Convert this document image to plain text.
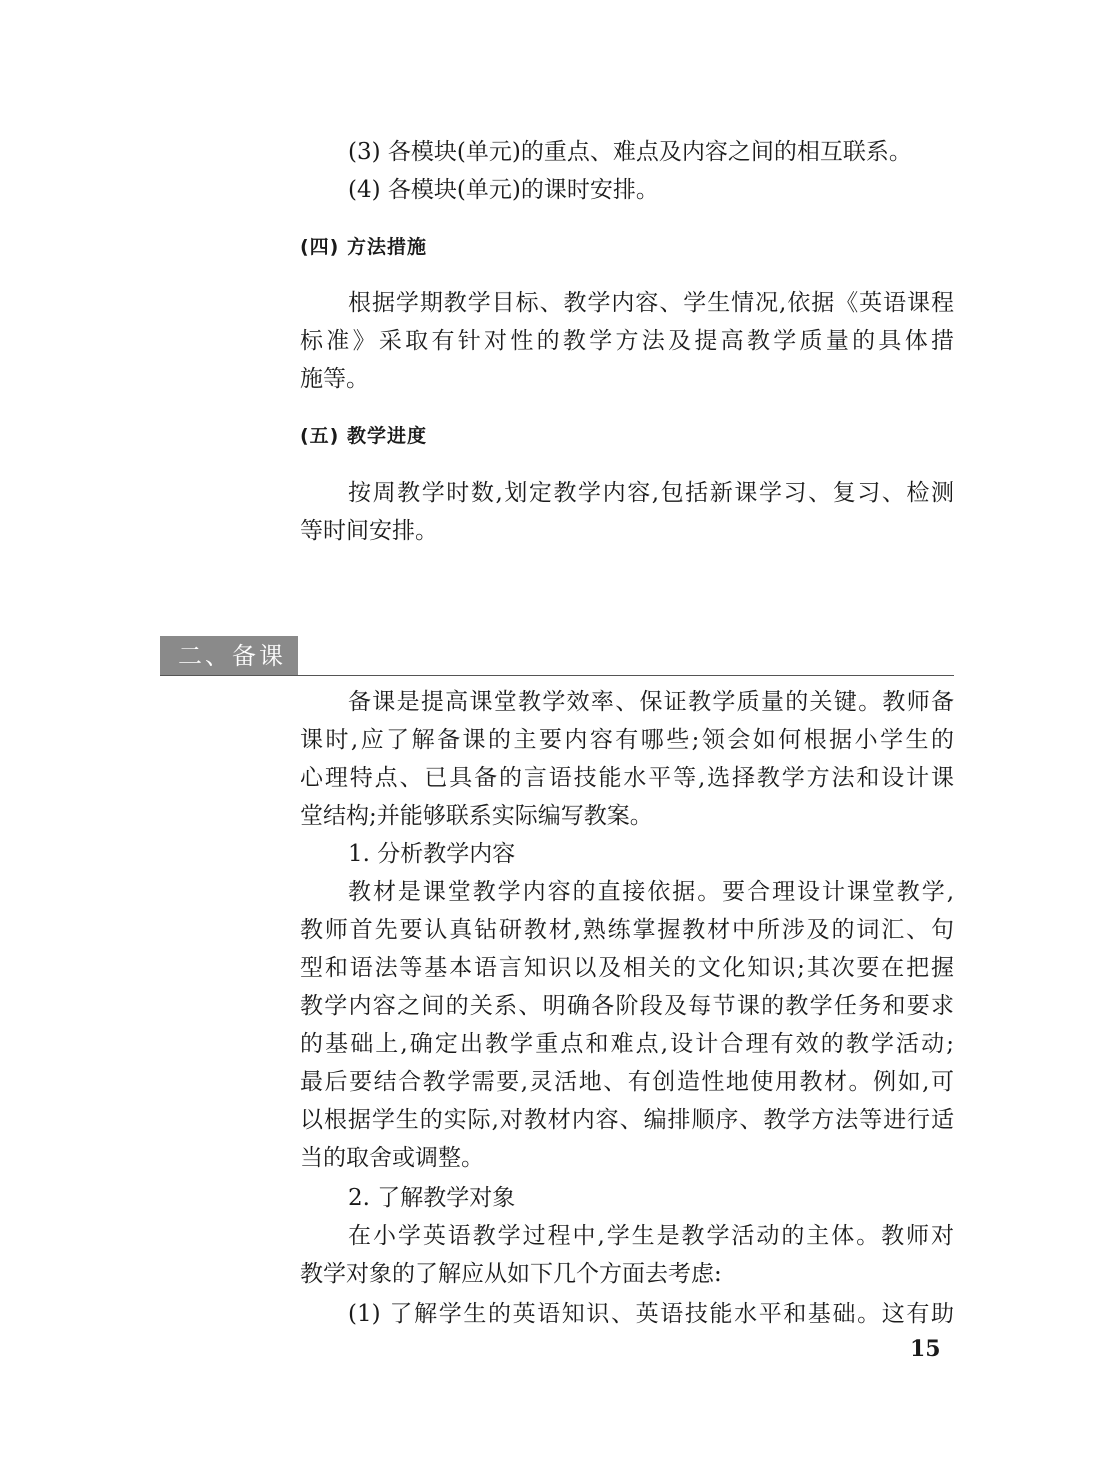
(3) 各模块(单元)的重点、难点及内容之间的相互联系。
(4) 各模块(单元)的课时安排。
(四) 方法措施
根据学期教学目标、教学内容、学生情况,依据《英语课程
标准》采取有针对性的教学方法及提高教学质量的具体措
施等。
(五) 教学进度
按周教学时数,划定教学内容,包括新课学习、复习、检测
等时间安排。
二、备课
备课是提高课堂教学效率、保证教学质量的关键。教师备
课时,应了解备课的主要内容有哪些;领会如何根据小学生的
心理特点、已具备的言语技能水平等,选择教学方法和设计课
堂结构;并能够联系实际编写教案。
1. 分析教学内容
教材是课堂教学内容的直接依据。要合理设计课堂教学,
教师首先要认真钻研教材,熟练掌握教材中所涉及的词汇、句
型和语法等基本语言知识以及相关的文化知识;其次要在把握
教学内容之间的关系、明确各阶段及每节课的教学任务和要求
的基础上,确定出教学重点和难点,设计合理有效的教学活动;
最后要结合教学需要,灵活地、有创造性地使用教材。例如,可
以根据学生的实际,对教材内容、编排顺序、教学方法等进行适
当的取舍或调整。
2. 了解教学对象
在小学英语教学过程中,学生是教学活动的主体。教师对
教学对象的了解应从如下几个方面去考虑:
(1) 了解学生的英语知识、英语技能水平和基础。这有助
15
